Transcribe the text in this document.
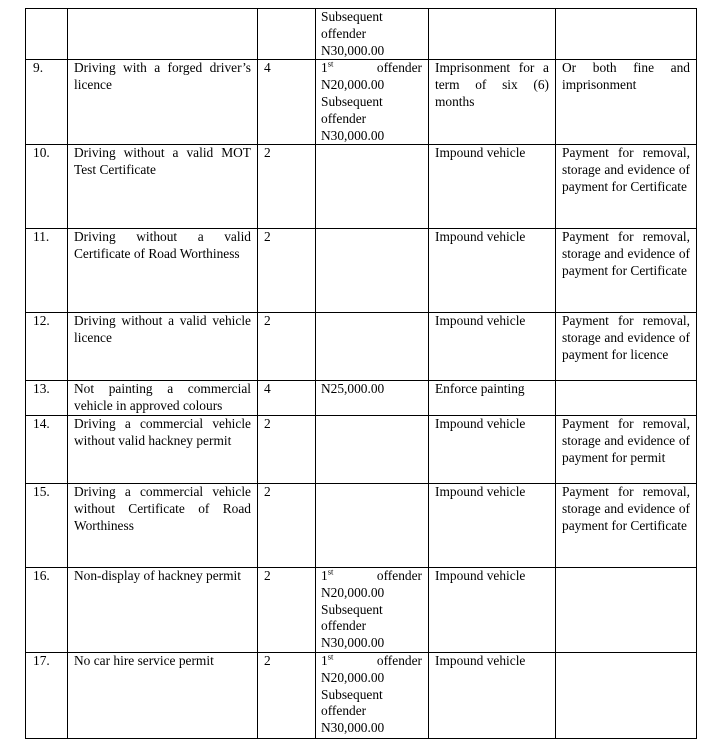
			Subsequent
offender
N30,000.00		

9.	Driving with a forged driver’s licence	4	1st offender
N20,000.00
Subsequent
offender
N30,000.00	Imprisonment for a term of six (6) months	Or both fine and imprisonment
10.	Driving without a valid MOT Test Certificate	2		Impound vehicle	Payment for removal, storage and evidence of payment for Certificate
11.	Driving without a valid Certificate of Road Worthiness	2		Impound vehicle	Payment for removal, storage and evidence of payment for Certificate
12.	Driving without a valid vehicle licence	2		Impound vehicle	Payment for removal, storage and evidence of payment for licence
13.	Not painting a commercial vehicle in approved colours	4	N25,000.00	Enforce painting	
14.	Driving a commercial vehicle without valid hackney permit	2		Impound vehicle	Payment for removal, storage and evidence of payment for permit
15.	Driving a commercial vehicle without Certificate of Road Worthiness	2		Impound vehicle	Payment for removal, storage and evidence of payment for Certificate
16.	Non-display of hackney permit	2	1st offender
N20,000.00
Subsequent
offender
N30,000.00	Impound vehicle	
17.	No car hire service permit	2	1st offender
N20,000.00
Subsequent
offender
N30,000.00	Impound vehicle	
